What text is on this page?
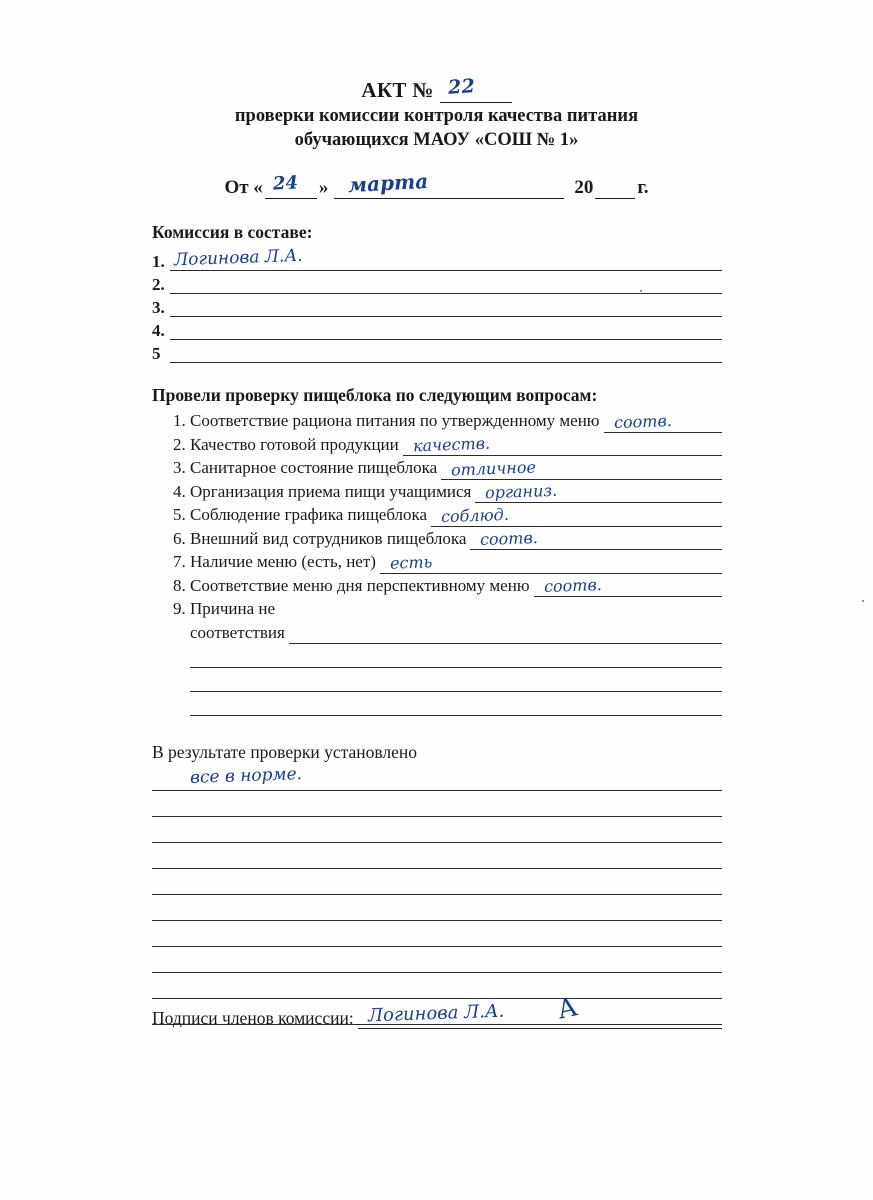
АКТ № 22
проверки комиссии контроля качества питания
обучающихся МАОУ «СОШ № 1»
От « 24 » марта	20 г.
Комиссия в составе:
1. Логинова Л.А.
2.
3.
4.
5
Провели проверку пищеблока по следующим вопросам:
1. Соответствие рациона питания по утвержденному меню соотв.
2. Качество готовой продукции качеств.
3. Санитарное состояние пищеблока отличное
4. Организация приема пищи учащимися организ.
5. Соблюдение графика пищеблока соблюд.
6. Внешний вид сотрудников пищеблока соотв.
7. Наличие меню (есть, нет) есть
8. Соответствие меню дня перспективному меню соотв.
9. Причина не
соответствия
В результате проверки установлено
все в норме.
Подписи членов комиссии: Логинова Л.А. A
